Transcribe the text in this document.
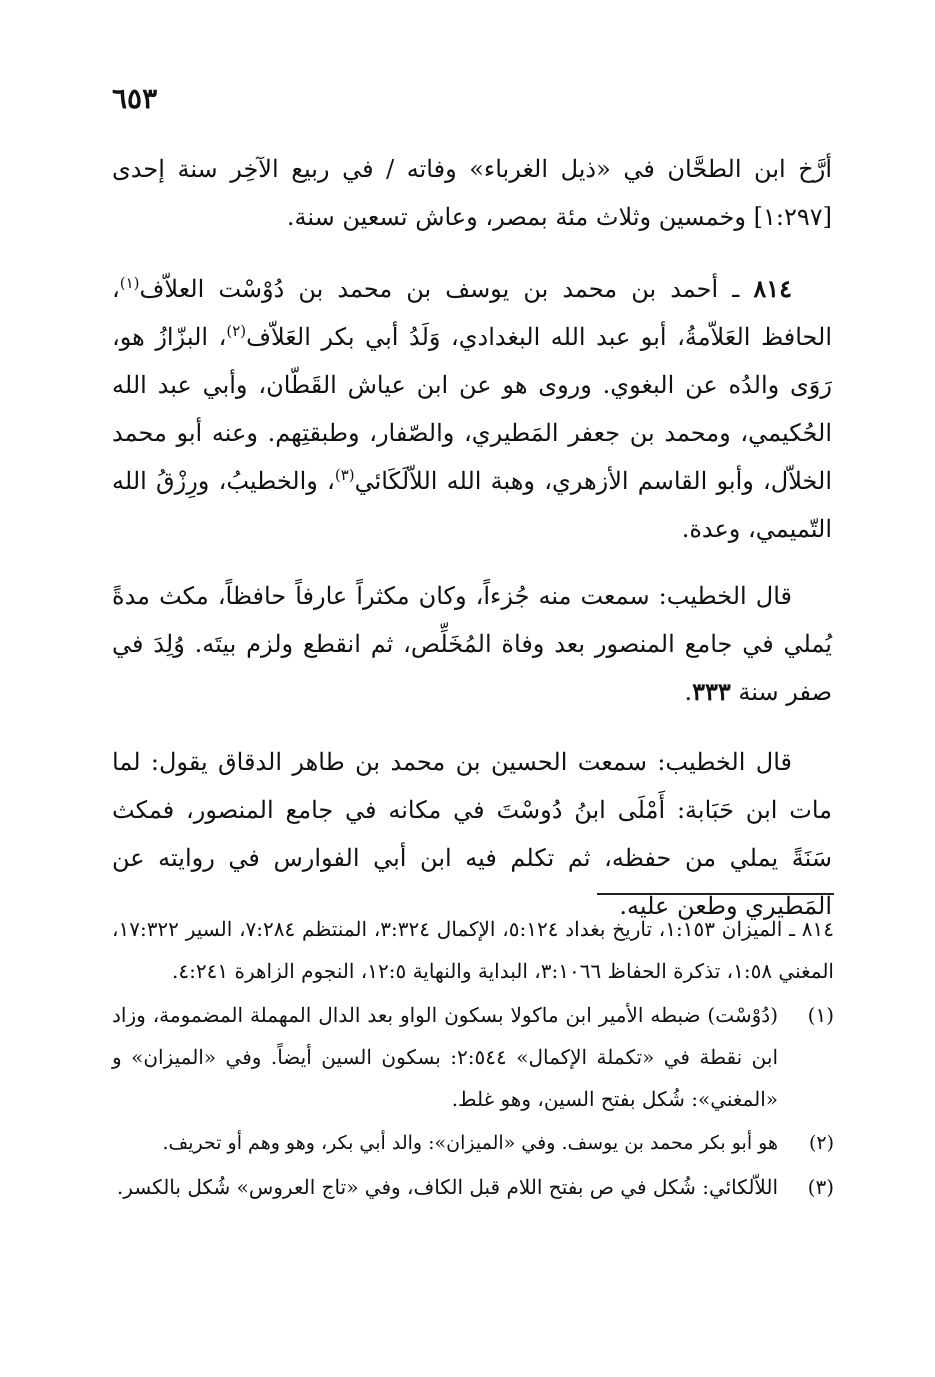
٦٥٣

أرَّخ ابن الطحَّان في «ذيل الغرباء» وفاته / في ربيع الآخِر سنة إحدى [١:٢٩٧] وخمسين وثلاث مئة بمصر، وعاش تسعين سنة.

٨١٤ ـ أحمد بن محمد بن يوسف بن محمد بن دُوْسْت العلاّف$^{(١)}$، الحافظ العَلاّمةُ، أبو عبد الله البغدادي، وَلَدُ أبي بكر العَلاّف$^{(٢)}$، البزّازُ هو، رَوَى والدُه عن البغوي. وروى هو عن ابن عياش القَطّان، وأبي عبد الله الحُكيمي، ومحمد بن جعفر المَطيري، والصّفار، وطبقتِهم. وعنه أبو محمد الخلاّل، وأبو القاسم الأزهري، وهبة الله اللاّلَكَائي$^{(٣)}$، والخطيبُ، ورِزْقُ الله التّميمي، وعدة.

قال الخطيب: سمعت منه جُزءاً، وكان مكثراً عارفاً حافظاً، مكث مدةً يُملي في جامع المنصور بعد وفاة المُخَلِّص، ثم انقطع ولزم بيتَه. وُلِدَ في صفر سنة ٣٣٣.

قال الخطيب: سمعت الحسين بن محمد بن طاهر الدقاق يقول: لما مات ابن حَبَابة: أَمْلَى ابنُ دُوسْتَ في مكانه في جامع المنصور، فمكث سَنَةً يملي من حفظه، ثم تكلم فيه ابن أبي الفوارس في روايته عن المَطيري وطعن عليه.

٨١٤ ـ الميزان ١:١٥٣، تاريخ بغداد ٥:١٢٤، الإكمال ٣:٣٢٤، المنتظم ٧:٢٨٤، السير ١٧:٣٢٢، المغني ١:٥٨، تذكرة الحفاظ ٣:١٠٦٦، البداية والنهاية ١٢:٥، النجوم الزاهرة ٤:٢٤١.
(١)
(دُوْسْت) ضبطه الأمير ابن ماكولا بسكون الواو بعد الدال المهملة المضمومة، وزاد ابن نقطة في «تكملة الإكمال» ٢:٥٤٤: بسكون السين أيضاً. وفي «الميزان» و «المغني»: شُكل بفتح السين، وهو غلط.
(٢)
هو أبو بكر محمد بن يوسف. وفي «الميزان»: والد أبي بكر، وهو وهم أو تحريف.
(٣)
اللاّلكائي: شُكل في ص بفتح اللام قبل الكاف، وفي «تاج العروس» شُكل بالكسر.
